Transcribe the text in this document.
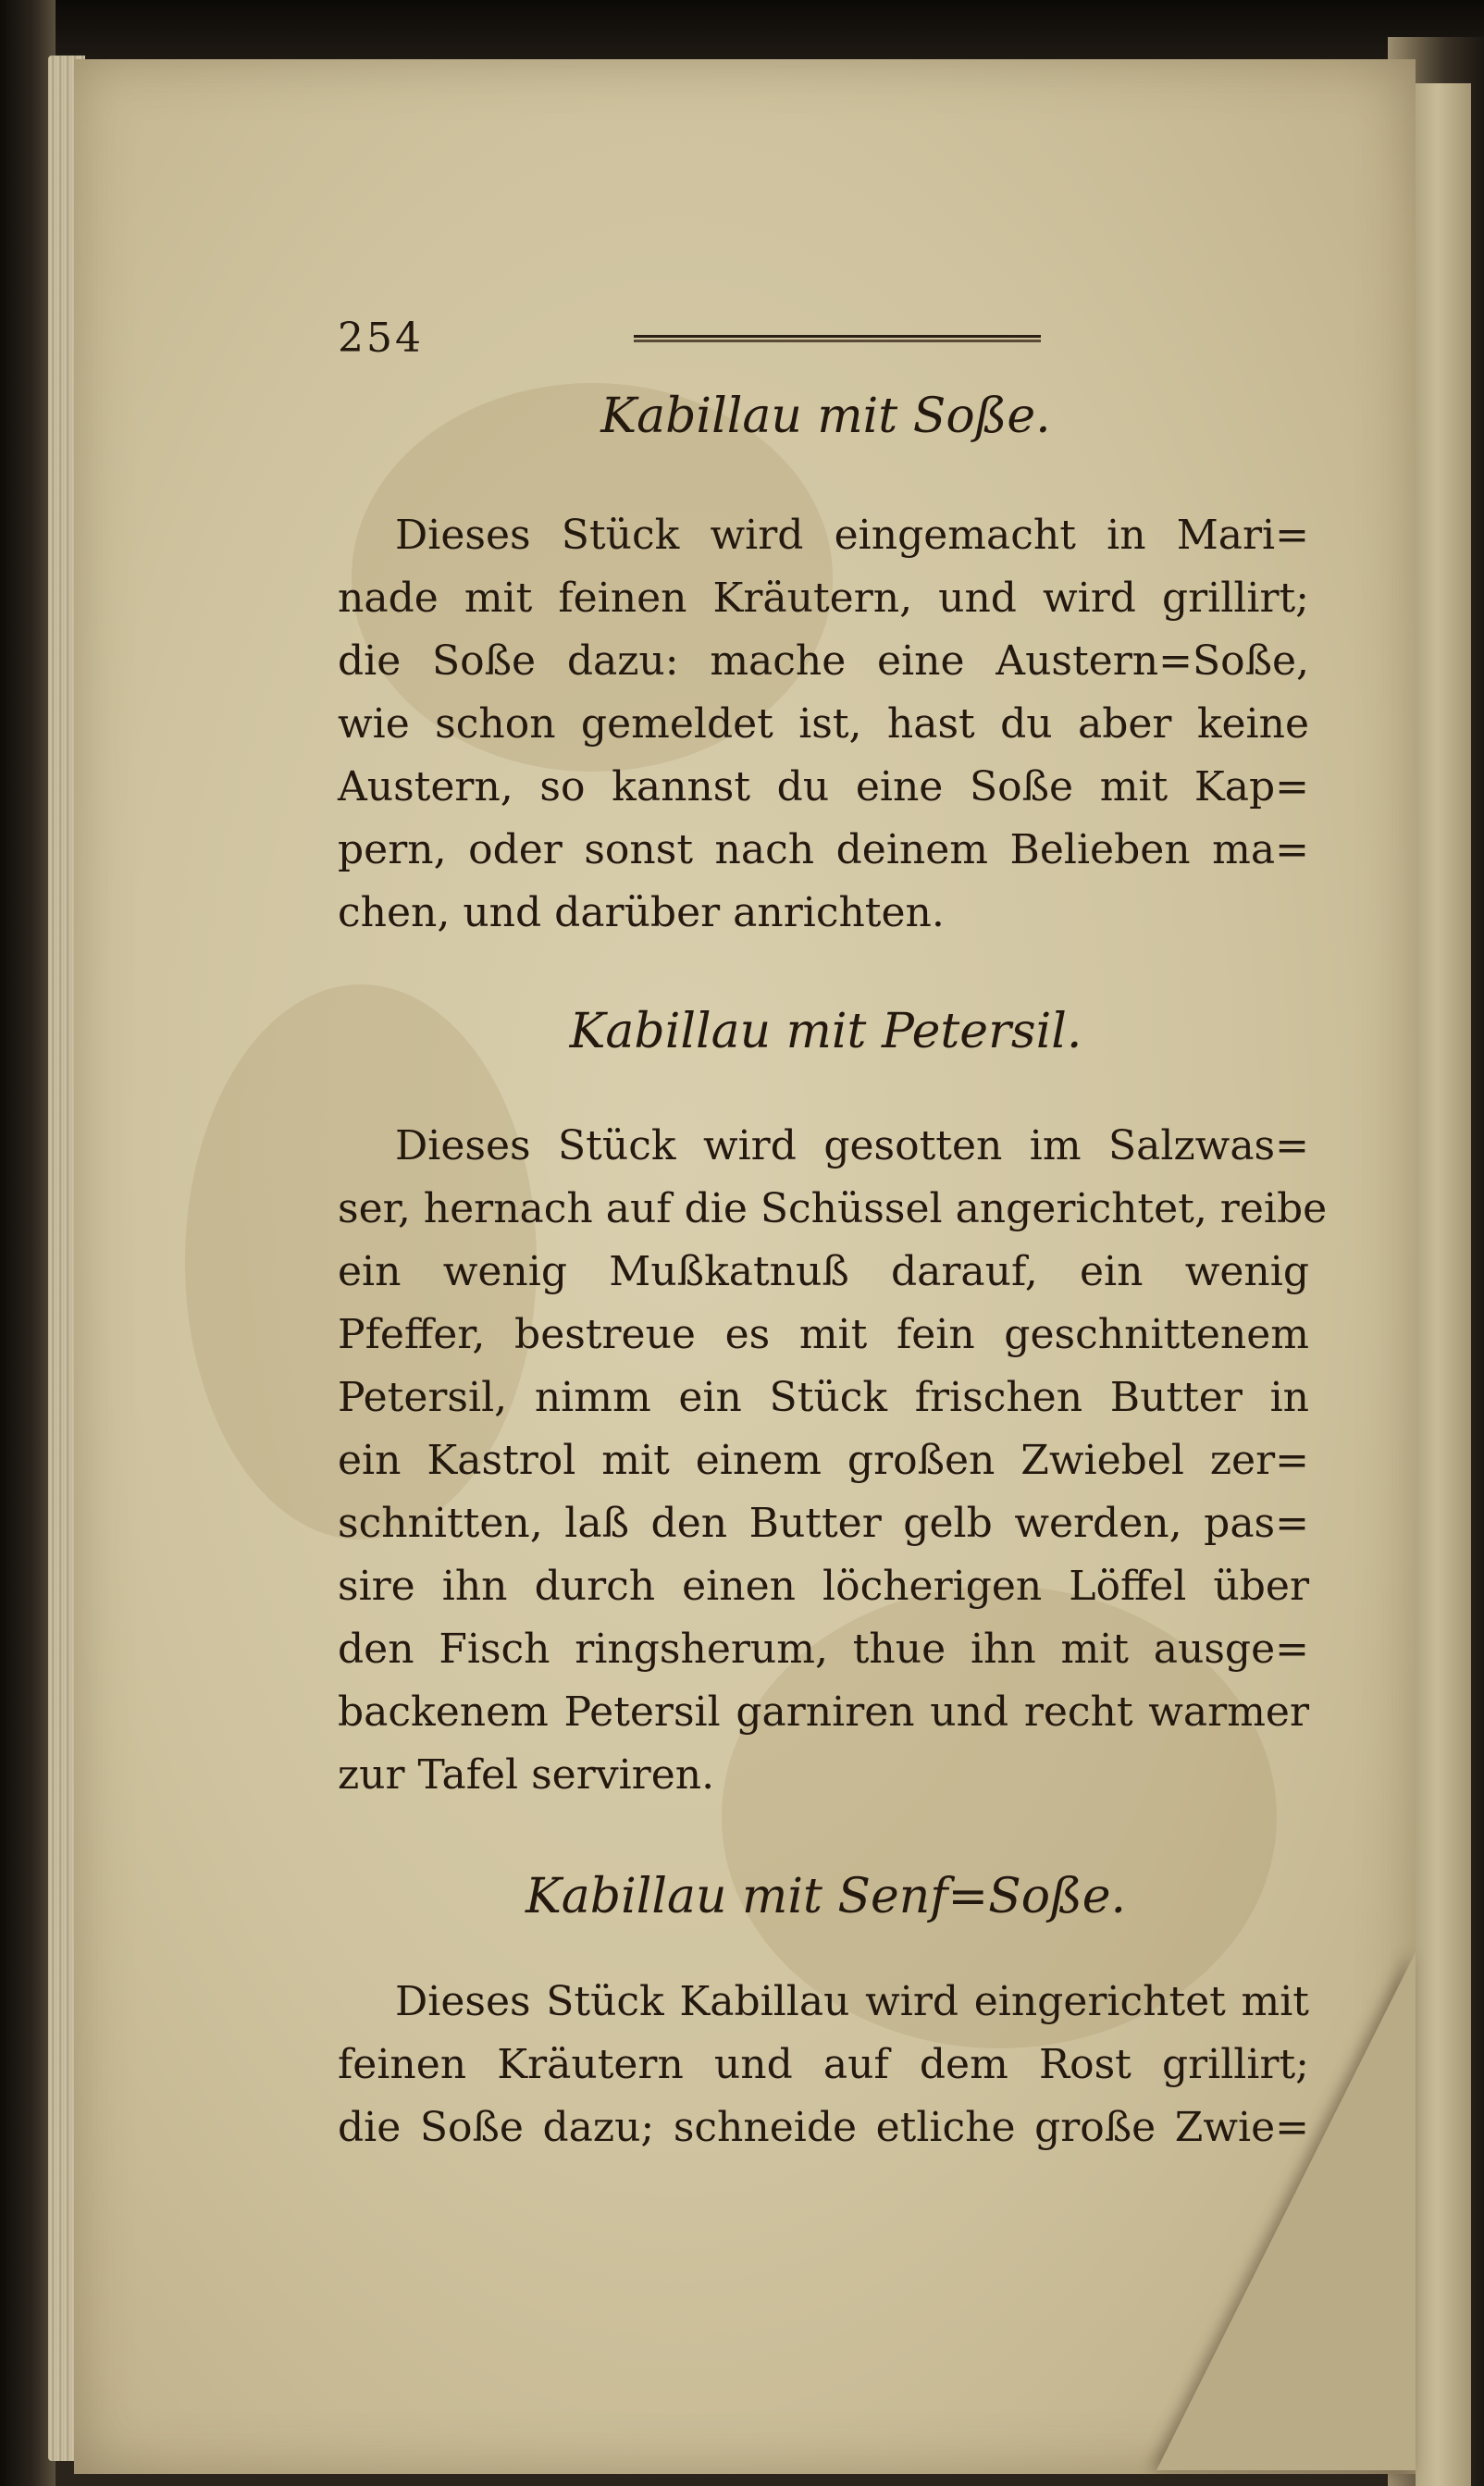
254
Kabillau mit Soße.
Dieses Stück wird eingemacht in Mari=
nade mit feinen Kräutern, und wird grillirt;
die Soße dazu: mache eine Austern=Soße,
wie schon gemeldet ist, hast du aber keine
Austern, so kannst du eine Soße mit Kap=
pern, oder sonst nach deinem Belieben ma=
chen, und darüber anrichten.
Kabillau mit Petersil.
Dieses Stück wird gesotten im Salzwas=
ser, hernach auf die Schüssel angerichtet, reibe
ein wenig Mußkatnuß darauf, ein wenig
Pfeffer, bestreue es mit fein geschnittenem
Petersil, nimm ein Stück frischen Butter in
ein Kastrol mit einem großen Zwiebel zer=
schnitten, laß den Butter gelb werden, pas=
sire ihn durch einen löcherigen Löffel über
den Fisch ringsherum, thue ihn mit ausge=
backenem Petersil garniren und recht warmer
zur Tafel serviren.
Kabillau mit Senf=Soße.
Dieses Stück Kabillau wird eingerichtet mit
feinen Kräutern und auf dem Rost grillirt;
die Soße dazu; schneide etliche große Zwie=
